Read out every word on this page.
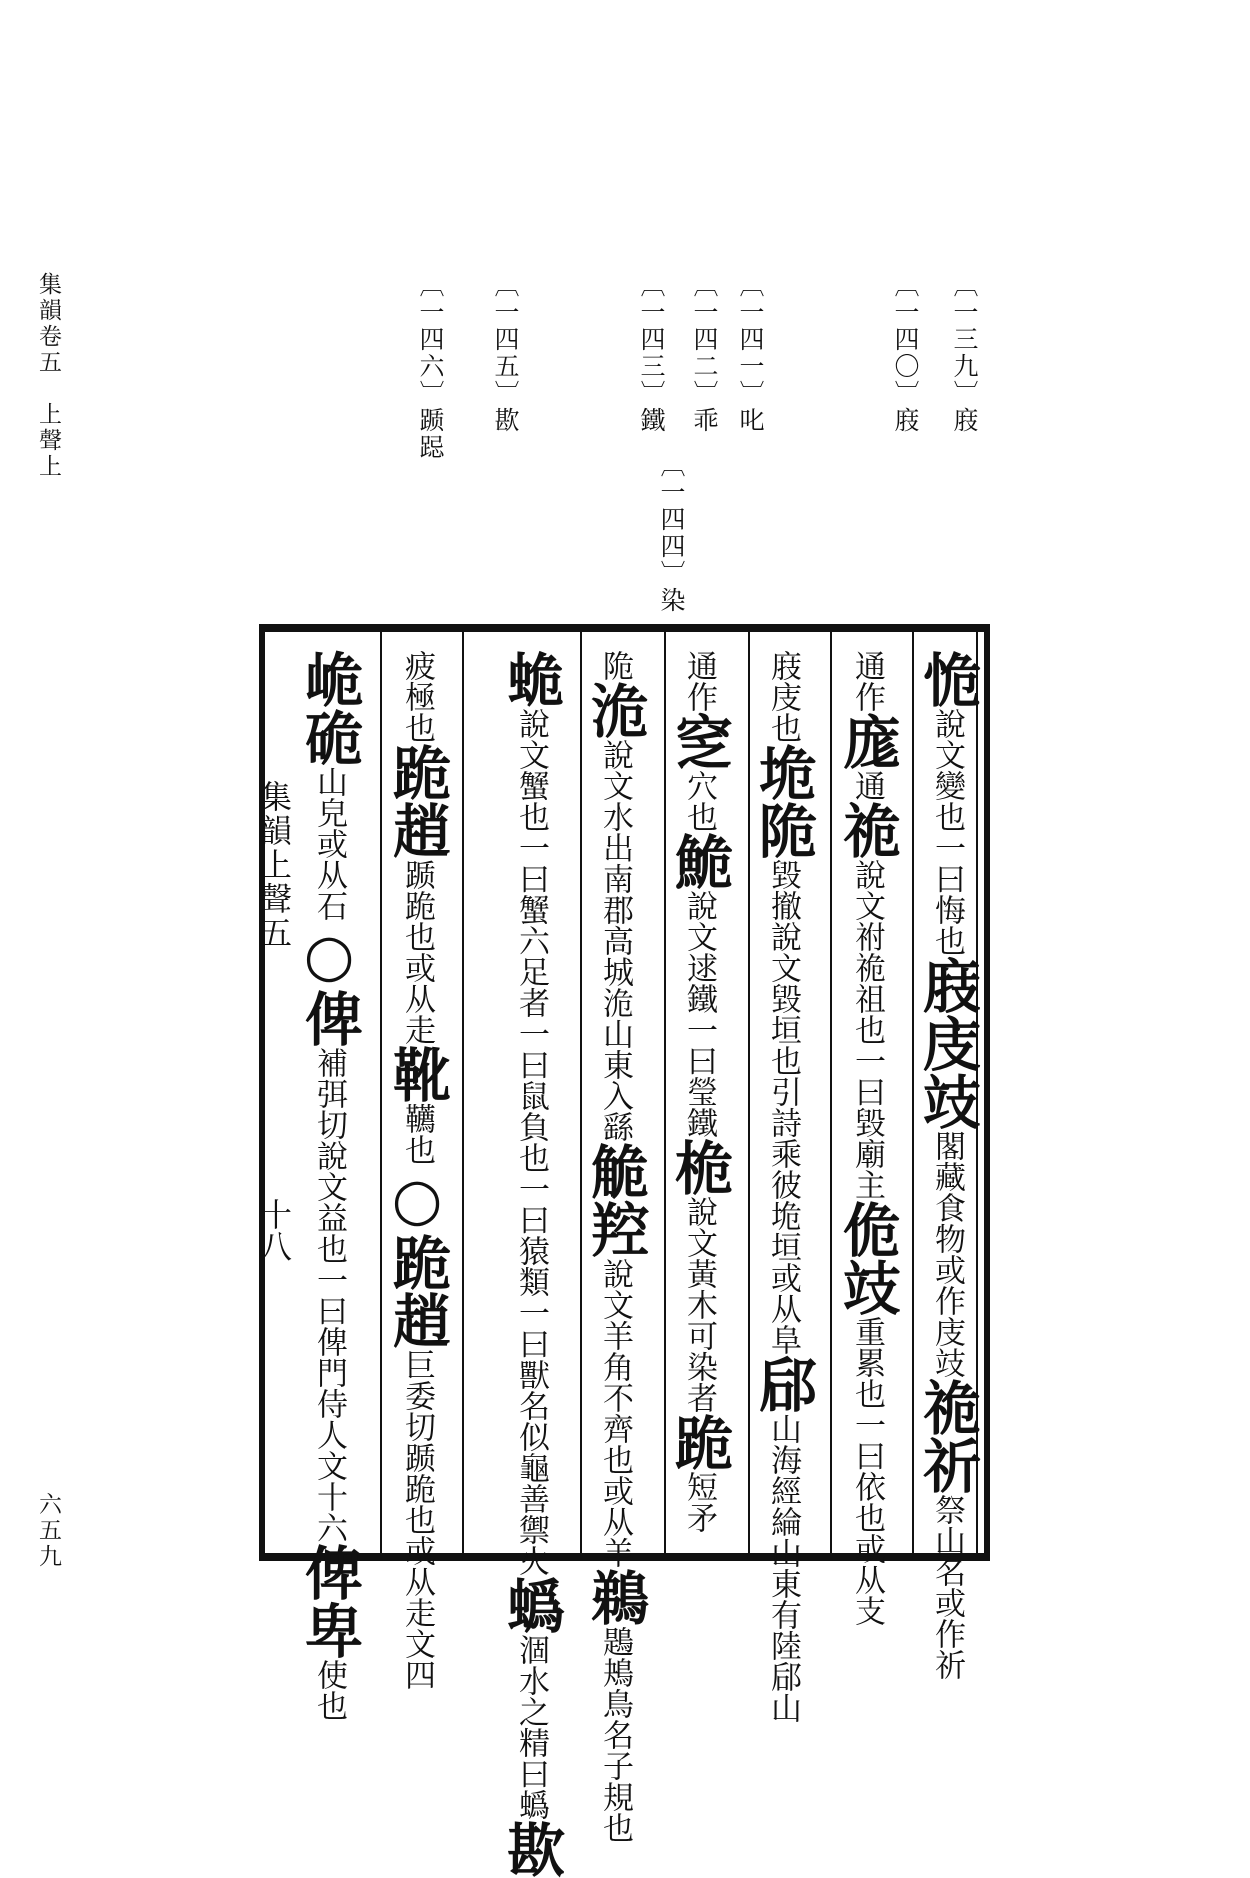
集韻卷五　上聲上
六五九
〔一三九〕庪
〔一四〇〕庪
〔一四一〕叱
〔一四二〕乖
〔一四三〕鐵
〔一四四〕染
〔一四五〕歁
〔一四六〕踬跽
集韻上聲五
十八
恑說文變也一曰悔也庪庋攱閣藏食物或作庋攱祪祈祭山名或作祈
通作庬通祪說文祔祪祖也一曰毀廟主佹攱重累也一曰依也或从支
庪庋也垝陒毀撤說文毀垣也引詩乘彼垝垣或从阜郈山海經綸山東有陸郈山
通作窆穴也鮠說文逑鐵一曰瑩鐵桅說文黃木可染者跪短矛
陒洈說文水出南郡高城洈山東入繇觤羫說文羊角不齊也或从羊鵜鶗鴂鳥名子規也
蛫說文蟹也一曰蟹六足者一曰鼠負也一曰猿類一曰獸名似龜善禦火蟡涸水之精曰蟡歁
疲極也跪趙踬跪也或从走靴韉也○跪趙巨委切踬跪也或从走文四
峗硊山皃或从石○俾補弭切說文益也一曰俾門侍人文十六俾卑使也
